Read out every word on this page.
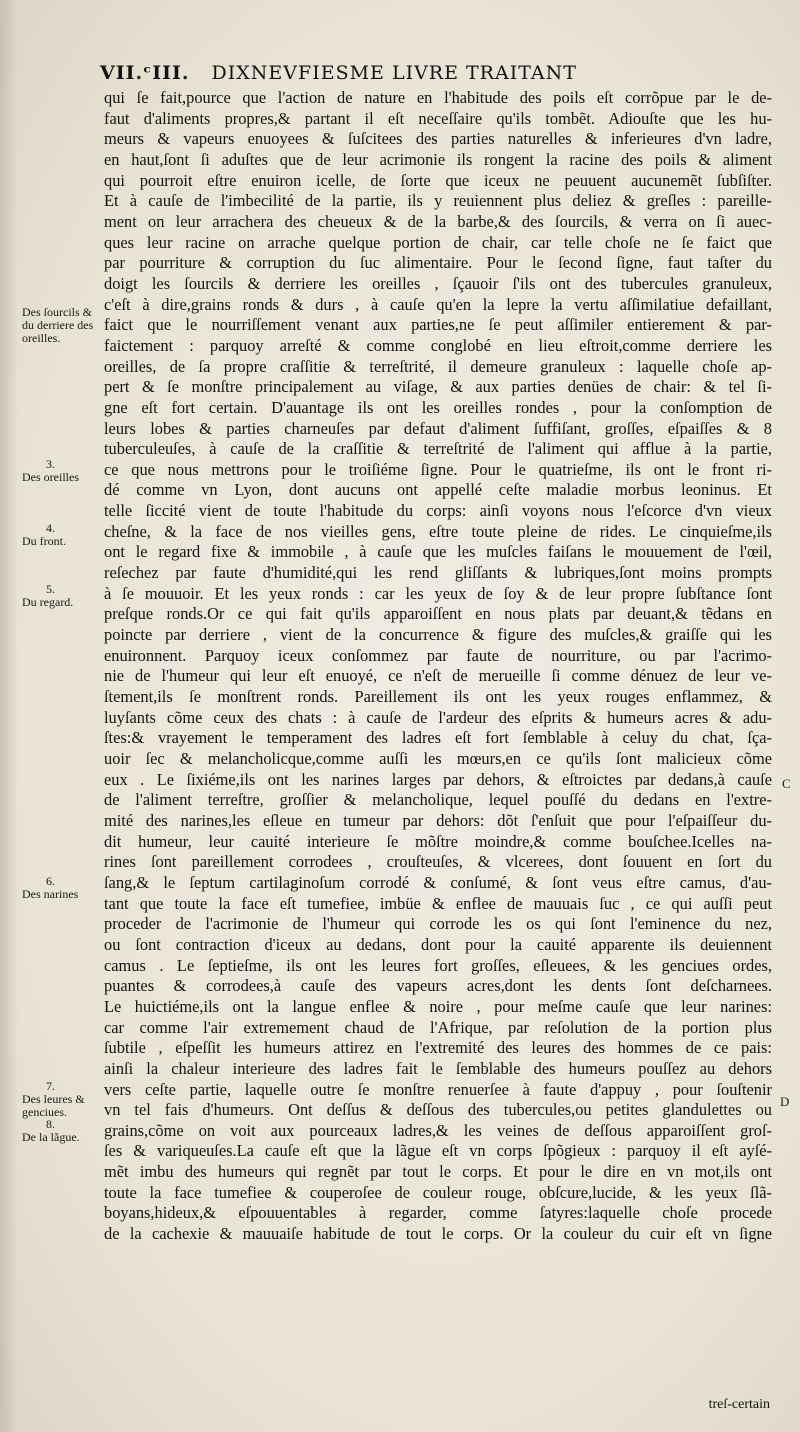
VII.ᶜIII. DIXNEVFIESME LIVRE TRAITANT
qui ſe fait,pource que l'action de nature en l'habitude des poils eſt corrõpue par le de-
faut d'aliments propres,& partant il eſt neceſſaire qu'ils tombẽt. Adiouſte que les hu-
meurs & vapeurs enuoyees & ſuſcitees des parties naturelles & inferieures d'vn ladre,
en haut,ſont ſi aduſtes que de leur acrimonie ils rongent la racine des poils & aliment
qui pourroit eſtre enuiron icelle, de ſorte que iceux ne peuuent aucunemẽt ſubſiſter.
Et à cauſe de l'imbecilité de la partie, ils y reuiennent plus deliez & greſles : pareille-
ment on leur arrachera des cheueux & de la barbe,& des ſourcils, & verra on ſi auec-
ques leur racine on arrache quelque portion de chair, car telle choſe ne ſe faict que
par pourriture & corruption du ſuc alimentaire. Pour le ſecond ſigne, faut taſter du
doigt les ſourcils & derriere les oreilles , ſçauoir ſ'ils ont des tubercules granuleux,
c'eſt à dire,grains ronds & durs , à cauſe qu'en la lepre la vertu aſſimilatiue defaillant,
faict que le nourriſſement venant aux parties,ne ſe peut aſſimiler entierement & par-
faictement : parquoy arreſté & comme conglobé en lieu eſtroit,comme derriere les
oreilles, de ſa propre craſſitie & terreſtrité, il demeure granuleux : laquelle choſe ap-
pert & ſe monſtre principalement au viſage, & aux parties denües de chair: & tel ſi-
gne eſt fort certain. D'auantage ils ont les oreilles rondes , pour la conſomption de
leurs lobes & parties charneuſes par defaut d'aliment ſuffiſant, groſſes, eſpaiſſes & 8
tuberculeuſes, à cauſe de la craſſitie & terreſtrité de l'aliment qui afflue à la partie,
ce que nous mettrons pour le troiſiéme ſigne. Pour le quatrieſme, ils ont le front ri-
dé comme vn Lyon, dont aucuns ont appellé ceſte maladie morbus leoninus. Et
telle ſiccité vient de toute l'habitude du corps: ainſi voyons nous l'eſcorce d'vn vieux
cheſne, & la face de nos vieilles gens, eſtre toute pleine de rides. Le cinquieſme,ils
ont le regard fixe & immobile , à cauſe que les muſcles faiſans le mouuement de l'œil,
reſechez par faute d'humidité,qui les rend gliſſants & lubriques,ſont moins prompts
à ſe mouuoir. Et les yeux ronds : car les yeux de ſoy & de leur propre ſubſtance ſont
preſque ronds.Or ce qui fait qu'ils apparoiſſent en nous plats par deuant,& tẽdans en
poincte par derriere , vient de la concurrence & figure des muſcles,& graiſſe qui les
enuironnent. Parquoy iceux conſommez par faute de nourriture, ou par l'acrimo-
nie de l'humeur qui leur eſt enuoyé, ce n'eſt de merueille ſi comme dénuez de leur ve-
ſtement,ils ſe monſtrent ronds. Pareillement ils ont les yeux rouges enflammez, &
luyſants cõme ceux des chats : à cauſe de l'ardeur des eſprits & humeurs acres & adu-
ſtes:& vrayement le temperament des ladres eſt fort ſemblable à celuy du chat, ſça-
uoir ſec & melancholicque,comme auſſi les mœurs,en ce qu'ils ſont malicieux cõme
eux . Le ſixiéme,ils ont les narines larges par dehors, & eſtroictes par dedans,à cauſe
de l'aliment terreſtre, groſſier & melancholique, lequel pouſſé du dedans en l'extre-
mité des narines,les eſleue en tumeur par dehors: dõt ſ'enſuit que pour l'eſpaiſſeur du-
dit humeur, leur cauité interieure ſe mõſtre moindre,& comme bouſchee.Icelles na-
rines ſont pareillement corrodees , crouſteuſes, & vlcerees, dont ſouuent en ſort du
ſang,& le ſeptum cartilaginoſum corrodé & conſumé, & ſont veus eſtre camus, d'au-
tant que toute la face eſt tumefiee, imbüe & enflee de mauuais ſuc , ce qui auſſi peut
proceder de l'acrimonie de l'humeur qui corrode les os qui ſont l'eminence du nez,
ou ſont contraction d'iceux au dedans, dont pour la cauité apparente ils deuiennent
camus . Le ſeptieſme, ils ont les leures fort groſſes, eſleuees, & les genciues ordes,
puantes & corrodees,à cauſe des vapeurs acres,dont les dents ſont deſcharnees.
Le huictiéme,ils ont la langue enflee & noire , pour meſme cauſe que leur narines:
car comme l'air extremement chaud de l'Afrique, par reſolution de la portion plus
ſubtile , eſpeſſit les humeurs attirez en l'extremité des leures des hommes de ce pais:
ainſi la chaleur interieure des ladres fait le ſemblable des humeurs pouſſez au dehors
vers ceſte partie, laquelle outre ſe monſtre renuerſee à faute d'appuy , pour ſouſtenir
vn tel fais d'humeurs. Ont deſſus & deſſous des tubercules,ou petites glandulettes ou
grains,cõme on voit aux pourceaux ladres,& les veines de deſſous apparoiſſent groſ-
ſes & variqueuſes.La cauſe eſt que la lãgue eſt vn corps ſpõgieux : parquoy il eſt ayſé-
mẽt imbu des humeurs qui regnẽt par tout le corps. Et pour le dire en vn mot,ils ont
toute la face tumefiee & couperoſee de couleur rouge, obſcure,lucide, & les yeux ſlã-
boyans,hideux,& eſpouuentables à regarder, comme ſatyres:laquelle choſe procede
de la cachexie & mauuaiſe habitude de tout le corps. Or la couleur du cuir eſt vn ſigne
Des ſourcils & du derriere des oreilles.
3.
Des oreilles
4.
Du front.
5.
Du regard.
6.
Des narines
7.
Des leures & genciues.
8.
De la lãgue.
C
D
treſ-certain
